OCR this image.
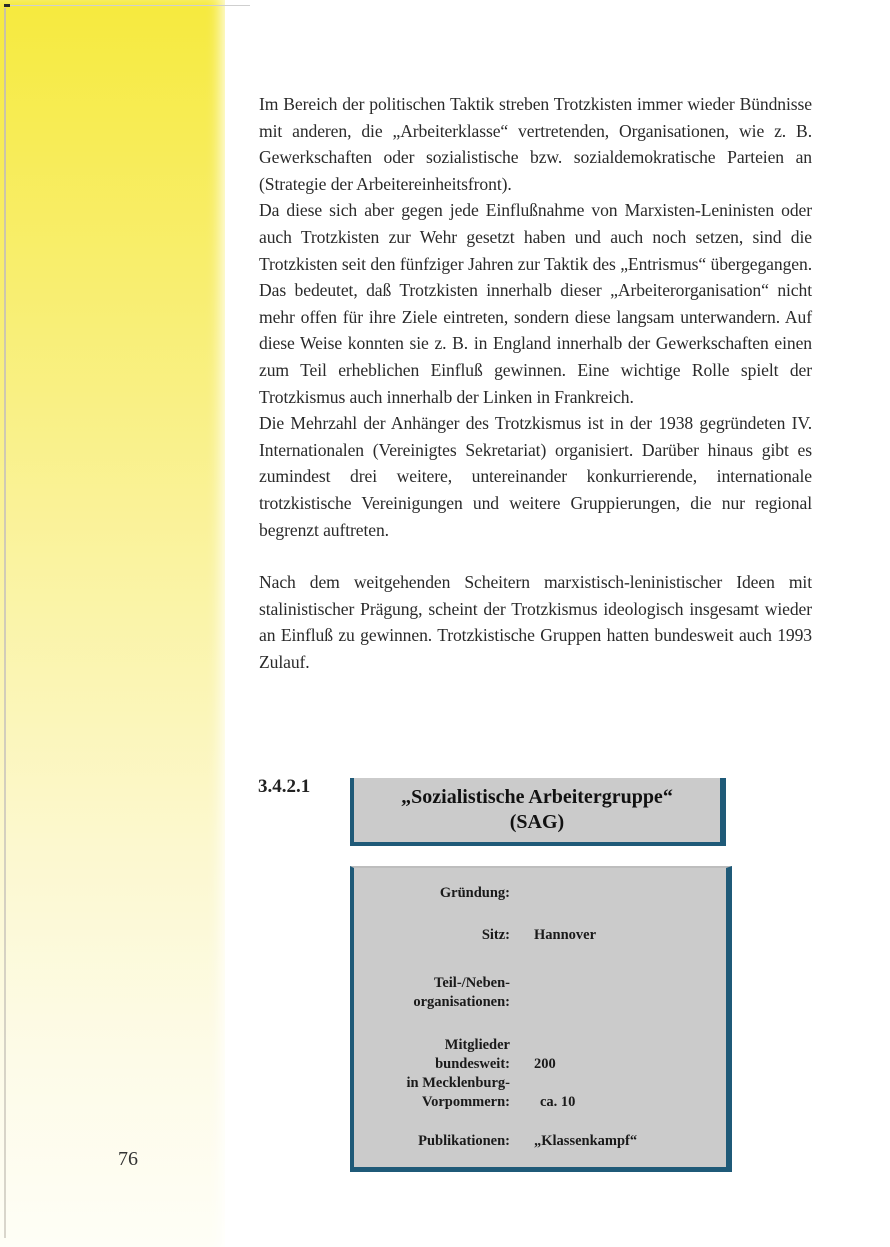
Im Bereich der politischen Taktik streben Trotzkisten immer wieder Bündnisse mit anderen, die „Arbeiterklasse“ vertretenden, Organisationen, wie z. B. Gewerkschaften oder sozialistische bzw. sozialdemokratische Parteien an (Strategie der Arbeitereinheitsfront).

Da diese sich aber gegen jede Einflußnahme von Marxisten-Leninisten oder auch Trotzkisten zur Wehr gesetzt haben und auch noch setzen, sind die Trotzkisten seit den fünfziger Jahren zur Taktik des „Entrismus“ übergegangen. Das bedeutet, daß Trotzkisten innerhalb dieser „Arbeiterorganisation“ nicht mehr offen für ihre Ziele eintreten, sondern diese langsam unterwandern. Auf diese Weise konnten sie z. B. in England innerhalb der Gewerkschaften einen zum Teil erheblichen Einfluß gewinnen. Eine wichtige Rolle spielt der Trotzkismus auch innerhalb der Linken in Frankreich.

Die Mehrzahl der Anhänger des Trotzkismus ist in der 1938 gegründeten IV. Internationalen (Vereinigtes Sekretariat) organisiert. Darüber hinaus gibt es zumindest drei weitere, untereinander konkurrierende, internationale trotzkistische Vereinigungen und weitere Gruppierungen, die nur regional begrenzt auftreten.

Nach dem weitgehenden Scheitern marxistisch-leninistischer Ideen mit stalinistischer Prägung, scheint der Trotzkismus ideologisch insgesamt wieder an Einfluß zu gewinnen. Trotzkistische Gruppen hatten bundesweit auch 1993 Zulauf.

3.4.2.1	„Sozialistische Arbeitergruppe“
(SAG)
Gründung:
Sitz: Hannover
Teil-/Neben-
organisationen:
Mitglieder
bundesweit: 200
in Mecklenburg-
Vorpommern: ca. 10
Publikationen: „Klassenkampf“
76
